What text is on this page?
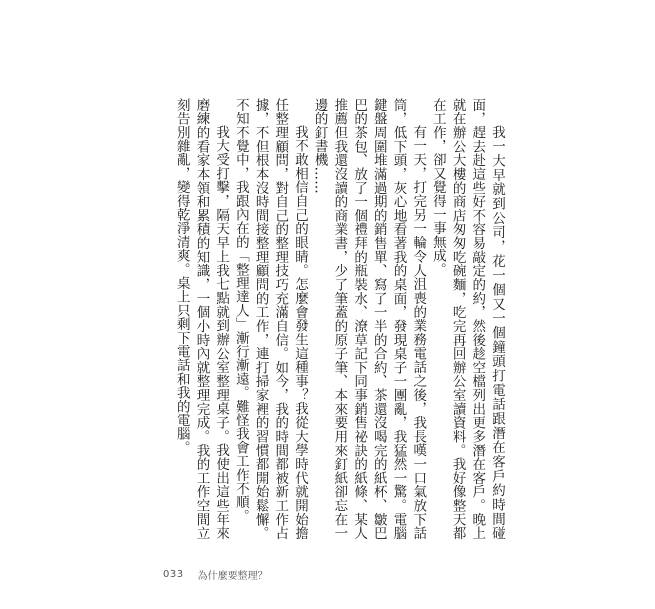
我一大早就到公司，花一個又一個鐘頭打電話跟潛在客戶約時間碰面，趕去赴這些好不容易敲定的約，然後趁空檔列出更多潛在客戶。晚上就在辦公大樓的商店匆匆吃碗麵，吃完再回辦公室讀資料。我好像整天都在工作，卻又覺得一事無成。

有一天，打完另一輪令人沮喪的業務電話之後，我長嘆一口氣放下話筒，低下頭，灰心地看著我的桌面，發現桌子一團亂，我猛然一驚。電腦鍵盤周圍堆滿過期的銷售單、寫了一半的合約、茶還沒喝完的紙杯、皺巴巴的茶包、放了一個禮拜的瓶裝水、潦草記下同事銷售祕訣的紙條、某人推薦但我還沒讀的商業書，少了筆蓋的原子筆、本來要用來釘紙卻忘在一邊的釘書機……

我不敢相信自己的眼睛。怎麼會發生這種事？我從大學時代就開始擔任整理顧問，對自己的整理技巧充滿自信。如今，我的時間都被新工作占據，不但根本沒時間接整理顧問的工作，連打掃家裡的習慣都開始鬆懈。不知不覺中，我跟內在的「整理達人」漸行漸遠。難怪我會工作不順。

我大受打擊，隔天早上我七點就到辦公室整理桌子。我使出這些年來磨練的看家本領和累積的知識，一個小時內就整理完成。我的工作空間立刻告別雜亂，變得乾淨清爽。桌上只剩下電話和我的電腦。

033 為什麼要整理？
